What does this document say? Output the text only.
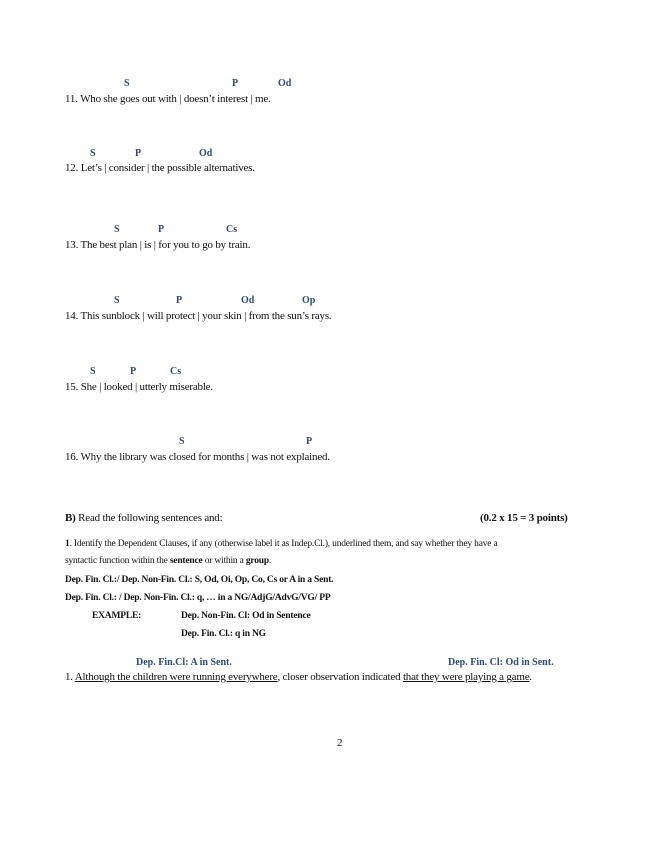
S	P	Od
11. Who she goes out with | doesn’t interest | me.
S	P	Od
12. Let’s | consider | the possible alternatives.
S	P	Cs
13. The best plan | is | for you to go by train.
S	P	Od	Op
14. This sunblock | will protect | your skin | from the sun’s rays.
S	P	Cs
15. She | looked | utterly miserable.
S	P
16. Why the library was closed for months | was not explained.
B) Read the following sentences and:	(0.2 x 15 = 3 points)
1. Identify the Dependent Clauses, if any (otherwise label it as Indep.Cl.), underlined them, and say whether they have a
syntactic function within the sentence or within a group.
Dep. Fin. Cl.:/ Dep. Non-Fin. Cl.: S, Od, Oi, Op, Co, Cs or A in a Sent.
Dep. Fin. Cl.: / Dep. Non-Fin. Cl.: q, … in a NG/AdjG/AdvG/VG/ PP
EXAMPLE:	Dep. Non-Fin. Cl: Od in Sentence
Dep. Fin. Cl.: q in NG
Dep. Fin.Cl: A in Sent.	Dep. Fin. Cl: Od in Sent.
1. Although the children were running everywhere, closer observation indicated that they were playing a game.
2
